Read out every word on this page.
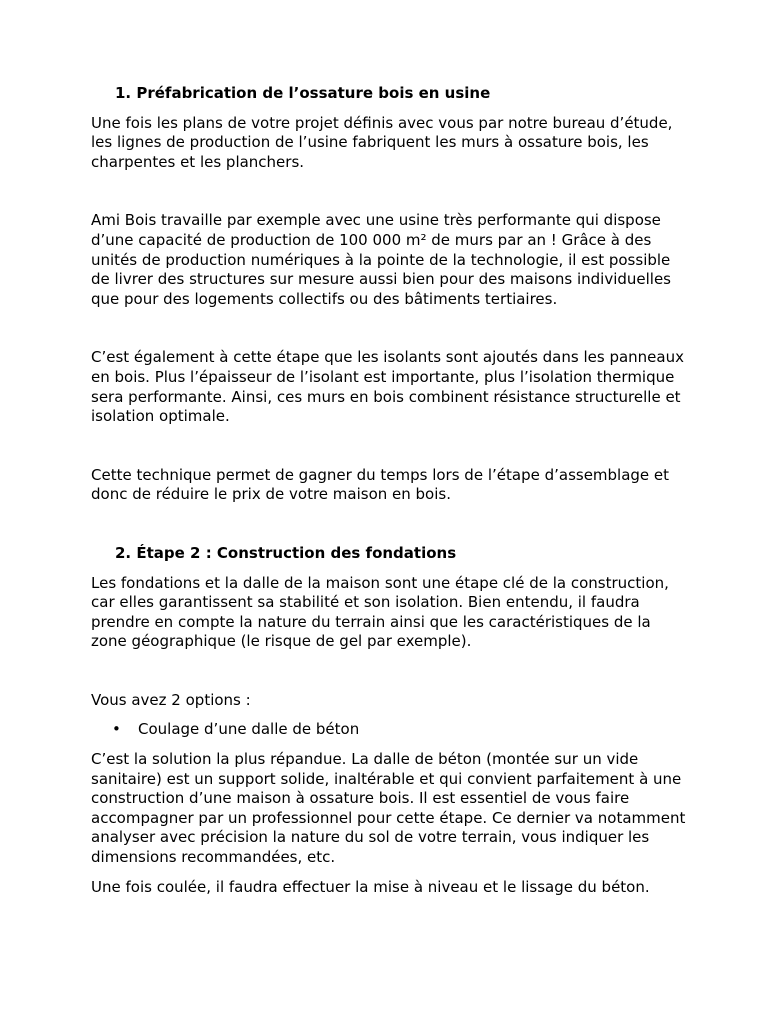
1. Préfabrication de l’ossature bois en usine

Une fois les plans de votre projet définis avec vous par notre bureau d’étude, les lignes de production de l’usine fabriquent les murs à ossature bois, les charpentes et les planchers.

Ami Bois travaille par exemple avec une usine très performante qui dispose d’une capacité de production de 100 000 m² de murs par an ! Grâce à des unités de production numériques à la pointe de la technologie, il est possible de livrer des structures sur mesure aussi bien pour des maisons individuelles que pour des logements collectifs ou des bâtiments tertiaires.

C’est également à cette étape que les isolants sont ajoutés dans les panneaux en bois. Plus l’épaisseur de l’isolant est importante, plus l’isolation thermique sera performante. Ainsi, ces murs en bois combinent résistance structurelle et isolation optimale.

Cette technique permet de gagner du temps lors de l’étape d’assemblage et donc de réduire le prix de votre maison en bois.

2. Étape 2 : Construction des fondations

Les fondations et la dalle de la maison sont une étape clé de la construction, car elles garantissent sa stabilité et son isolation. Bien entendu, il faudra prendre en compte la nature du terrain ainsi que les caractéristiques de la zone géographique (le risque de gel par exemple).

Vous avez 2 options :

•	Coulage d’une dalle de béton

C’est la solution la plus répandue. La dalle de béton (montée sur un vide sanitaire) est un support solide, inaltérable et qui convient parfaitement à une construction d’une maison à ossature bois. Il est essentiel de vous faire accompagner par un professionnel pour cette étape. Ce dernier va notamment analyser avec précision la nature du sol de votre terrain, vous indiquer les dimensions recommandées, etc.

Une fois coulée, il faudra effectuer la mise à niveau et le lissage du béton.
